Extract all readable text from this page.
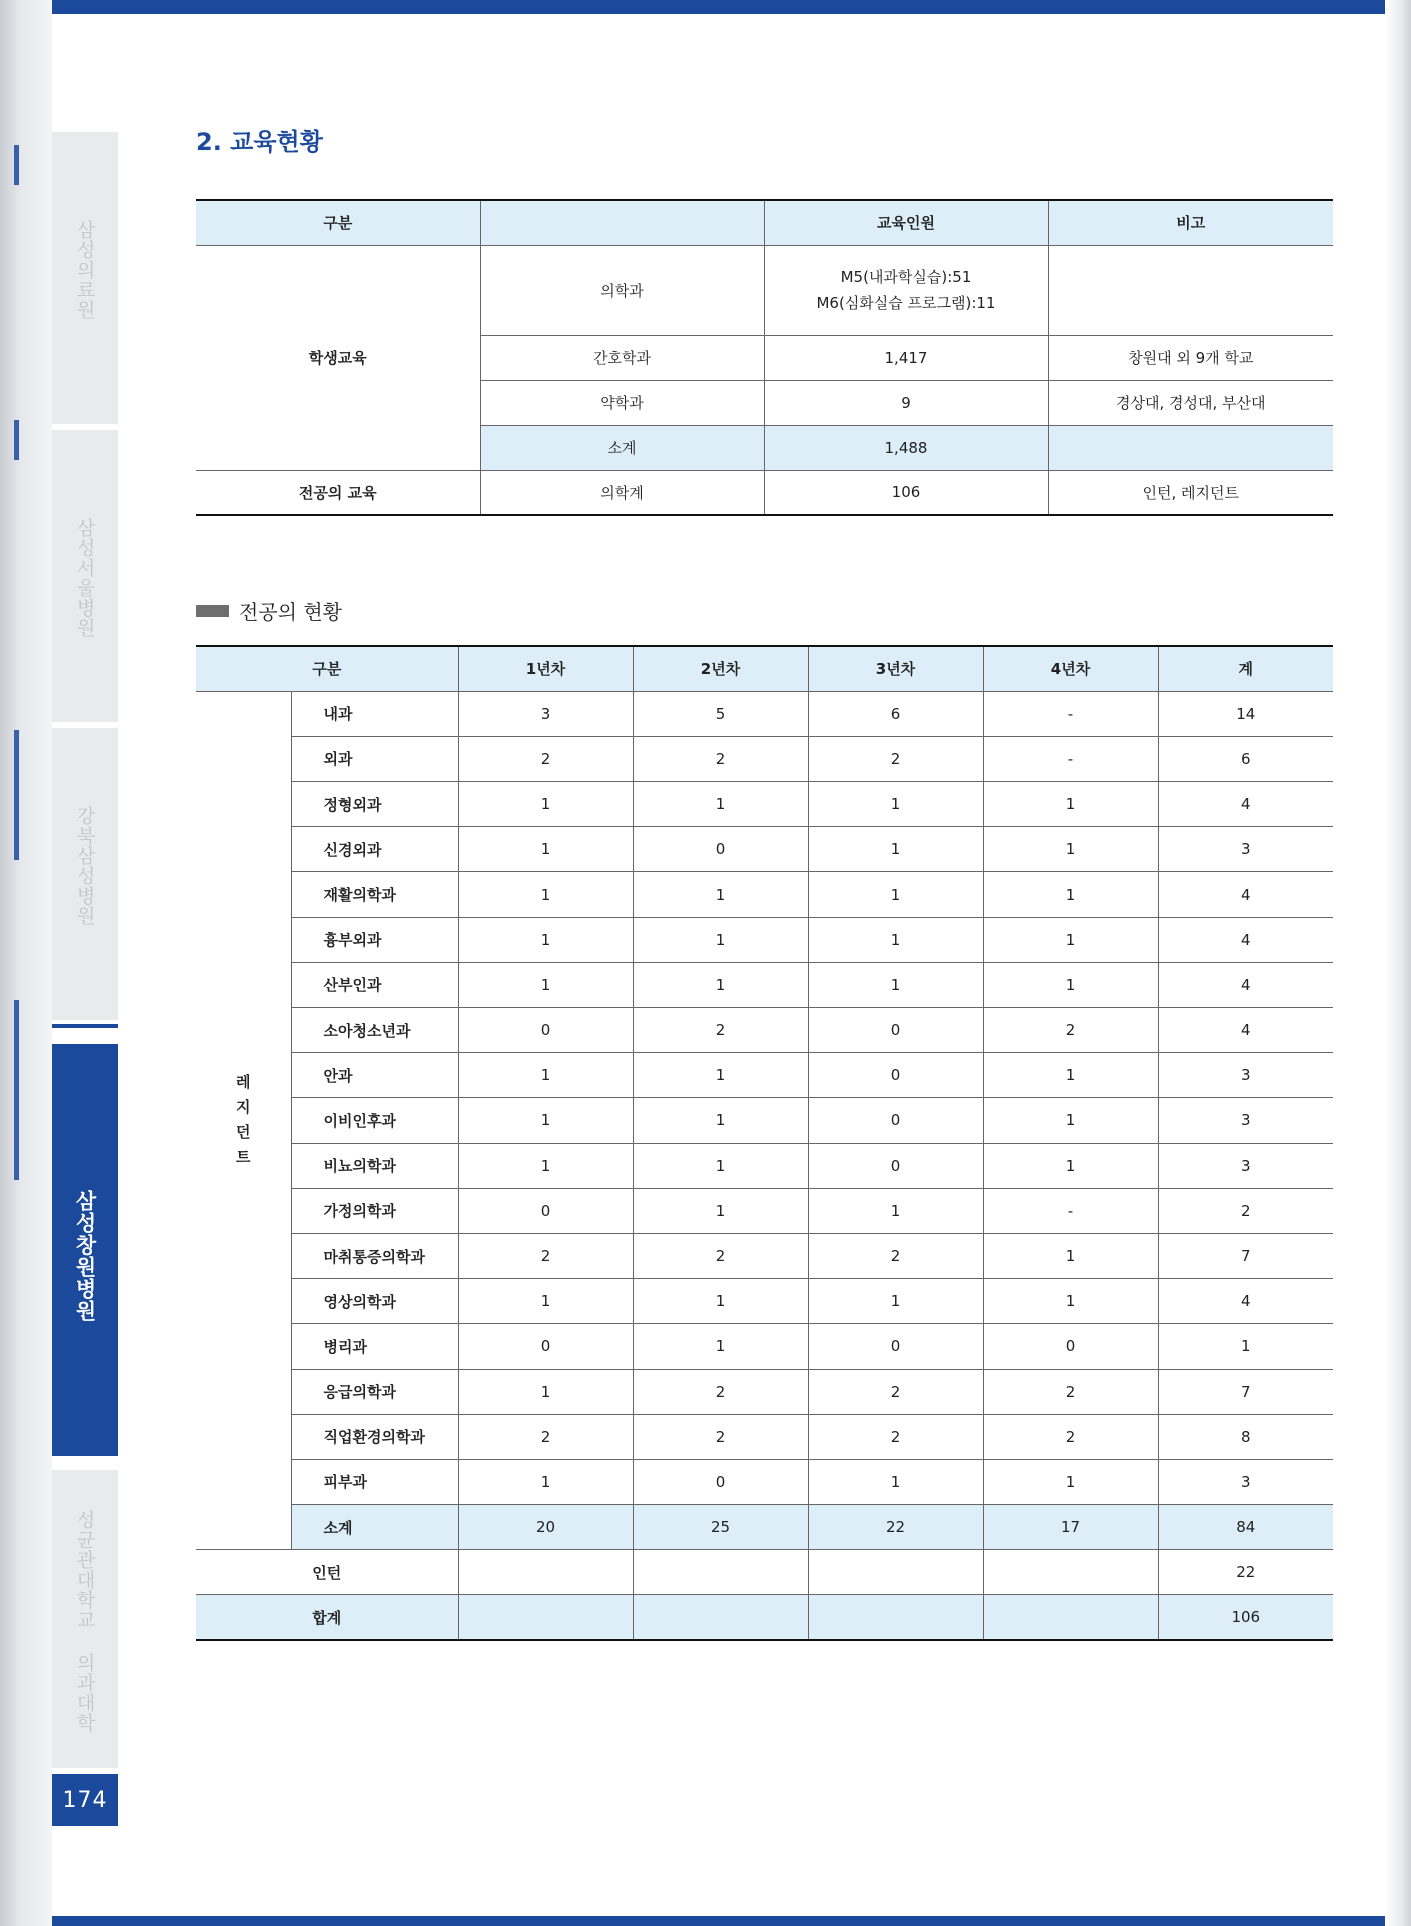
삼성의료원
삼성서울병원
강북삼성병원
삼성창원병원
성균관대학교 의과대학
174
2. 교육현황
구분		교육인원	비고
학생교육	의학과	M5(내과학실습):51
M6(심화실습 프로그램):11	

	간호학과	1,417	창원대 외 9개 학교
	약학과	9	경상대, 경성대, 부산대
	소계	1,488	
전공의 교육	의학계	106	인턴, 레지던트
전공의 현황
구분		1년차	2년차	3년차	4년차	계

레
지
던
트	내과	3	5	6	-	14
	외과	2	2	2	-	6
	정형외과	1	1	1	1	4
	신경외과	1	0	1	1	3
	재활의학과	1	1	1	1	4
	흉부외과	1	1	1	1	4
	산부인과	1	1	1	1	4
	소아청소년과	0	2	0	2	4
	안과	1	1	0	1	3
	이비인후과	1	1	0	1	3
	비뇨의학과	1	1	0	1	3
	가정의학과	0	1	1	-	2
	마취통증의학과	2	2	2	1	7
	영상의학과	1	1	1	1	4
	병리과	0	1	0	0	1
	응급의학과	1	2	2	2	7
	직업환경의학과	2	2	2	2	8
	피부과	1	0	1	1	3
	소계	20	25	22	17	84
인턴						22
합계						106
